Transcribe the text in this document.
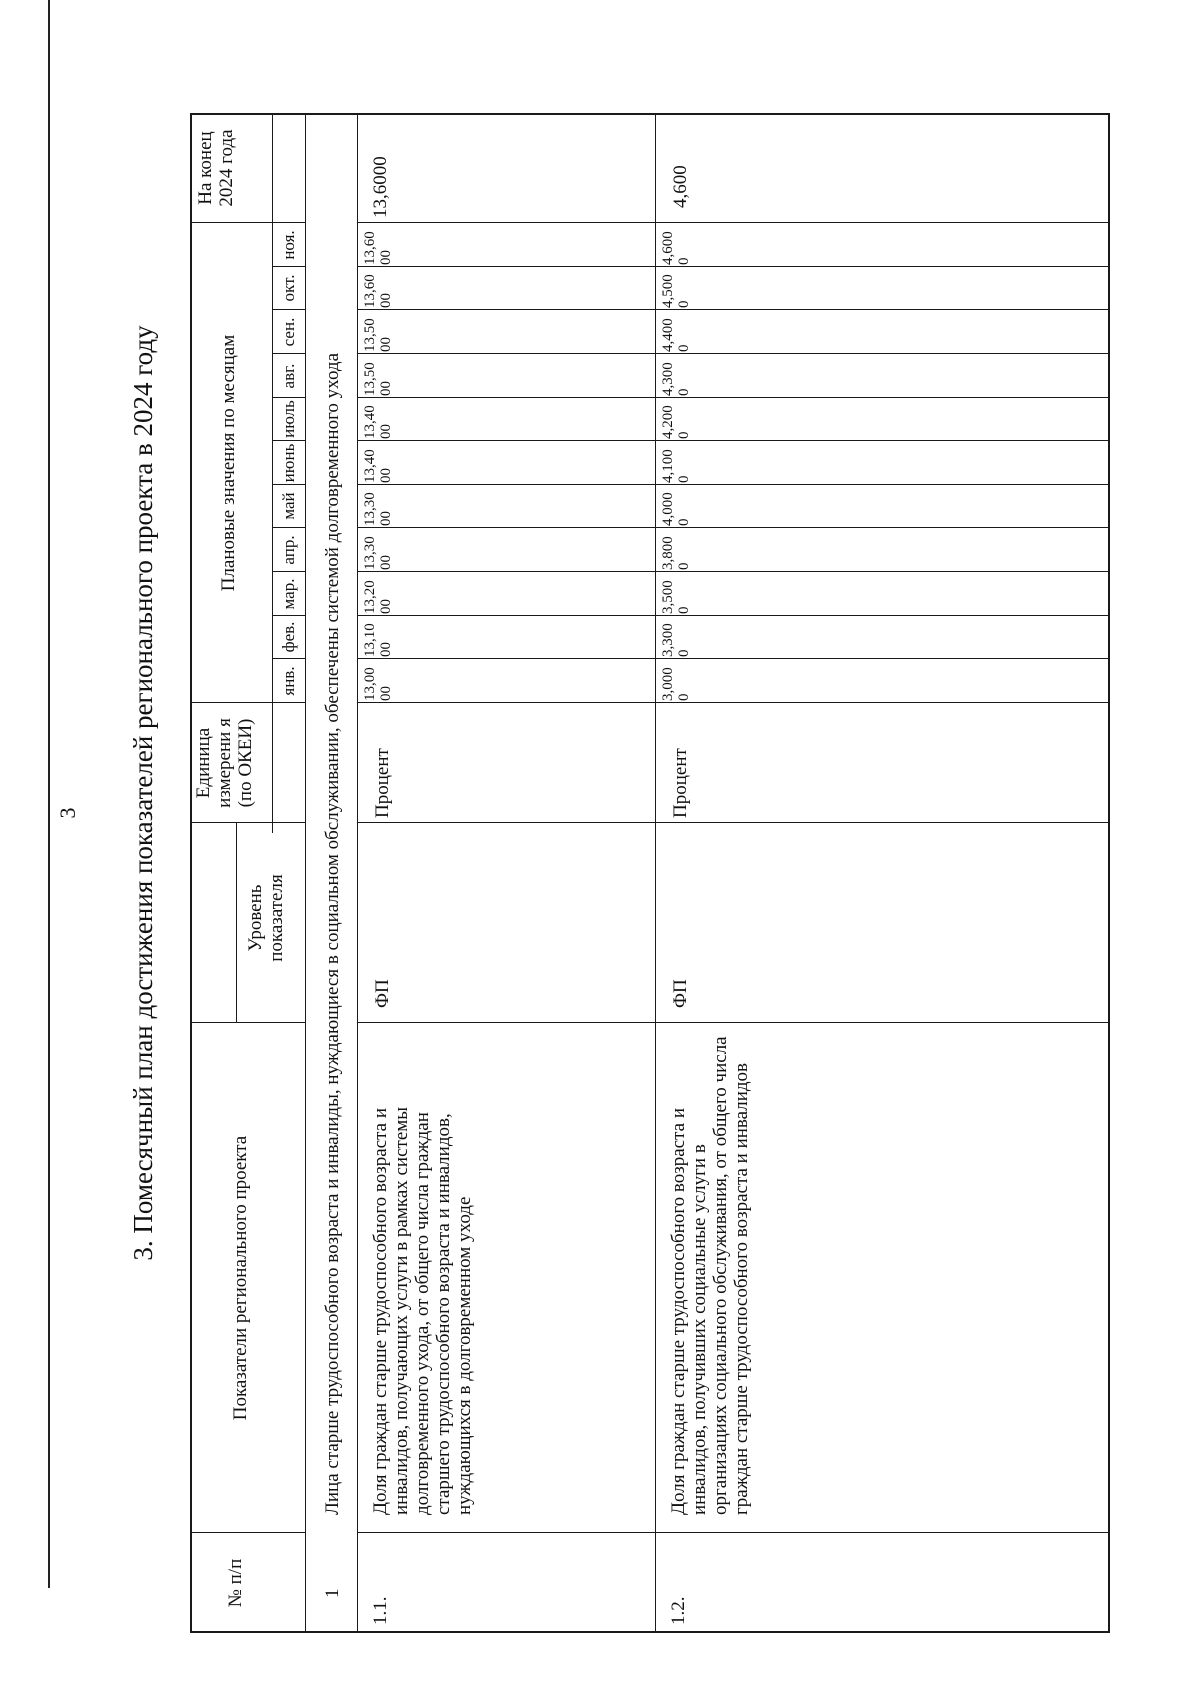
3 3. Помесячный план достижения показателей регионального проекта в 2024 году
№ п/п
Показатели регионального проекта
Уровень показателя
Единица измерени я (по ОКЕИ)
Плановые значения по месяцам
На конец 2024 года
янв.
фев.
мар.
апр.
май
июнь
июль
авг.
сен.
окт.
ноя.
1
Лица старше трудоспособного возраста и инвалиды, нуждающиеся в социальном обслуживании, обеспечены системой долговременного ухода
1.1.
Доля граждан старше трудоспособного возраста и инвалидов, получающих услуги в рамках системы долговременного ухода, от общего числа граждан старшего трудоспособного возраста и инвалидов, нуждающихся в долговременном уходе
ФП
Процент
13,6000
13,0000
13,1000
13,2000
13,3000
13,3000
13,4000
13,4000
13,5000
13,5000
13,6000
13,6000
1.2.
Доля граждан старше трудоспособного возраста и инвалидов, получивших социальные услуги в организациях социального обслуживания, от общего числа граждан старше трудоспособного возраста и инвалидов
ФП
Процент
4,600
3,0000
3,3000
3,5000
3,8000
4,0000
4,1000
4,2000
4,3000
4,4000
4,5000
4,6000
